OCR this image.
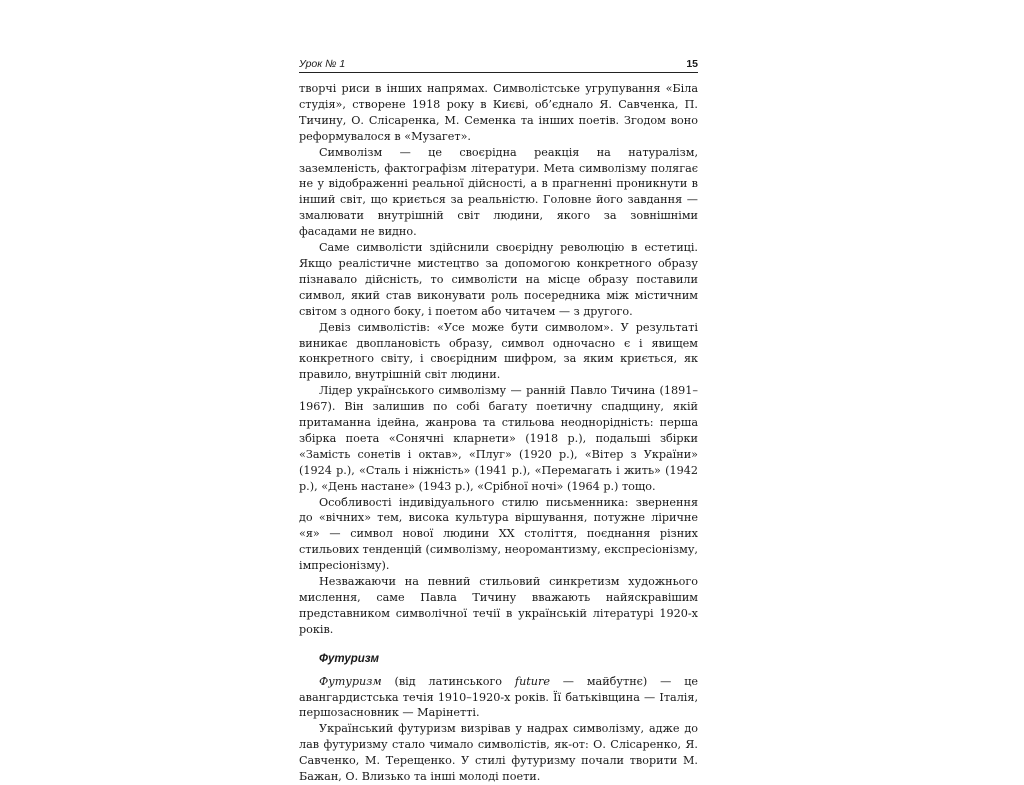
Урок № 1	15

творчі риси в інших напрямах. Символістське угрупування «Біла студія», створене 1918 року в Києві, об’єднало Я. Савченка, П. Тичину, О. Слісаренка, М. Семенка та інших поетів. Згодом воно реформувалося в «Музагет».

Символізм — це своєрідна реакція на натуралізм, заземленість, фактографізм літератури. Мета символізму полягає не у відображенні реальної дійсності, а в прагненні проникнути в інший світ, що криється за реальністю. Головне його завдання — змалювати внутрішній світ людини, якого за зовнішніми фасадами не видно.

Саме символісти здійснили своєрідну революцію в естетиці. Якщо реалістичне мистецтво за допомогою конкретного образу пізнавало дійсність, то символісти на місце образу поставили символ, який став виконувати роль посередника між містичним світом з одного боку, і поетом або читачем — з другого.

Девіз символістів: «Усе може бути символом». У результаті виникає двоплановість образу, символ одночасно є і явищем конкретного світу, і своєрідним шифром, за яким криється, як правило, внутрішній світ людини.

Лідер українського символізму — ранній Павло Тичина (1891–1967). Він залишив по собі багату поетичну спадщину, якій притаманна ідейна, жанрова та стильова неоднорідність: перша збірка поета «Сонячні кларнети» (1918 р.), подальші збірки «Замість сонетів і октав», «Плуг» (1920 р.), «Вітер з України» (1924 р.), «Сталь і ніжність» (1941 р.), «Перемагать і жить» (1942 р.), «День настане» (1943 р.), «Срібної ночі» (1964 р.) тощо.

Особливості індивідуального стилю письменника: звернення до «вічних» тем, висока культура віршування, потужне ліричне «я» — символ нової людини XX століття, поєднання різних стильових тенденцій (символізму, неоромантизму, експресіонізму, імпресіонізму).

Незважаючи на певний стильовий синкретизм художнього мислення, саме Павла Тичину вважають найяскравішим представником символічної течії в українській літературі 1920-х років.

Футуризм

Футуризм (від латинського future — майбутнє) — це авангардистська течія 1910–1920-х років. Її батьківщина — Італія, першозасновник — Марінетті.

Український футуризм визрівав у надрах символізму, адже до лав футуризму стало чимало символістів, як-от: О. Слісаренко, Я. Савченко, М. Терещенко. У стилі футуризму почали творити М. Бажан, О. Влизько та інші молоді поети.
